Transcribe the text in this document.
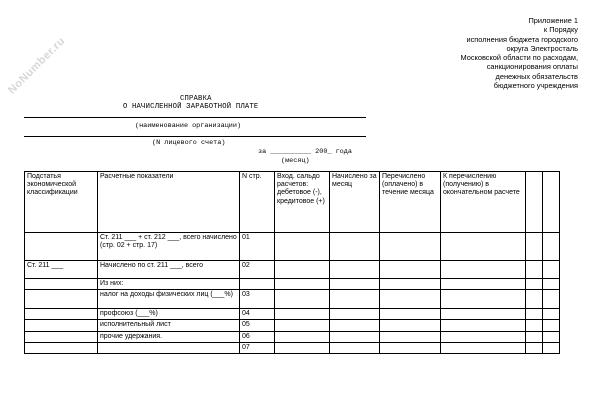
NoNumber.ru
Приложение 1
к Порядку
исполнения бюджета городского
округа Электросталь
Московской области по расходам,
санкционирования оплаты
денежных обязательств
бюджетного учреждения
СПРАВКА
О НАЧИСЛЕННОЙ ЗАРАБОТНОЙ ПЛАТЕ
(наименование организации)
(N лицевого счета)
за __________ 200_ года
(месяц)
Подстатья экономической классификации	Расчетные показатели	N стр.	Вход. сальдо расчетов: дебетовое (-), кредитовое (+)	Начислено за месяц	Перечислено (оплачено) в течение месяца	К перечислению (получению) в окончательном расчете		
	Ст. 211 ___ + ст. 212 ___, всего начислено (стр. 02 + стр. 17)	01						
Ст. 211 ___	Начислено по ст. 211 ___, всего	02						
	Из них:							
	налог на доходы физических лиц (___%)	03						
	профсоюз (___%)	04						
	исполнительный лист	05						
	прочие удержания.	06						
		07						
